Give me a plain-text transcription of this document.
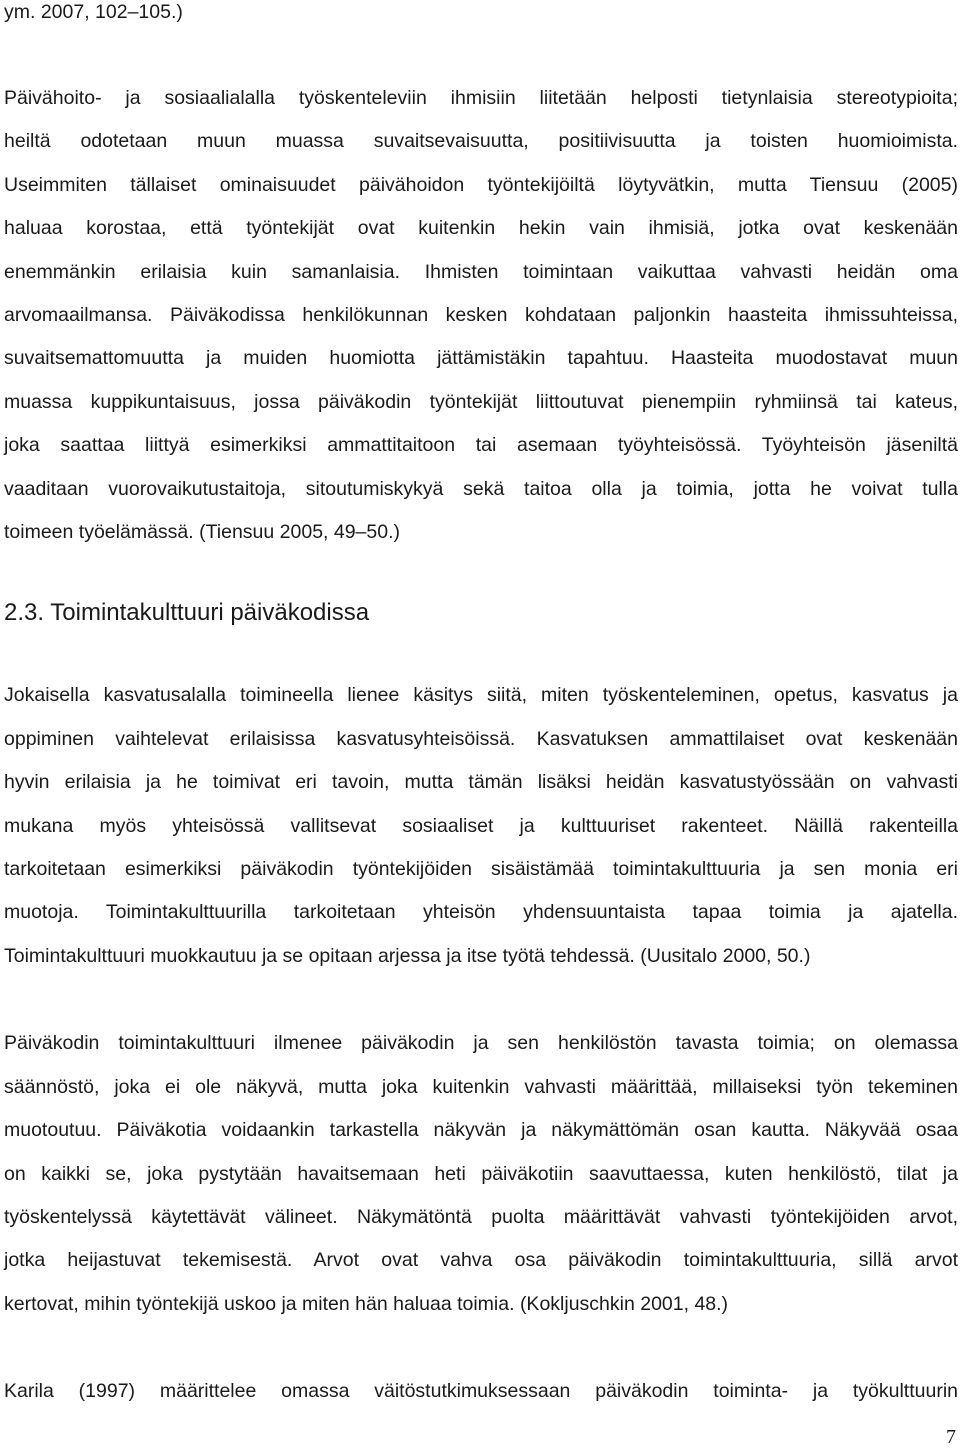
ym. 2007, 102–105.)
Päivähoito- ja sosiaalialalla työskenteleviin ihmisiin liitetään helposti tietynlaisia stereotypioita;
heiltä odotetaan muun muassa suvaitsevaisuutta, positiivisuutta ja toisten huomioimista.
Useimmiten tällaiset ominaisuudet päivähoidon työntekijöiltä löytyvätkin, mutta Tiensuu (2005)
haluaa korostaa, että työntekijät ovat kuitenkin hekin vain ihmisiä, jotka ovat keskenään
enemmänkin erilaisia kuin samanlaisia. Ihmisten toimintaan vaikuttaa vahvasti heidän oma
arvomaailmansa. Päiväkodissa henkilökunnan kesken kohdataan paljonkin haasteita ihmissuhteissa,
suvaitsemattomuutta ja muiden huomiotta jättämistäkin tapahtuu. Haasteita muodostavat muun
muassa kuppikuntaisuus, jossa päiväkodin työntekijät liittoutuvat pienempiin ryhmiinsä tai kateus,
joka saattaa liittyä esimerkiksi ammattitaitoon tai asemaan työyhteisössä. Työyhteisön jäseniltä
vaaditaan vuorovaikutustaitoja, sitoutumiskykyä sekä taitoa olla ja toimia, jotta he voivat tulla
toimeen työelämässä. (Tiensuu 2005, 49–50.)
2.3. Toimintakulttuuri päiväkodissa
Jokaisella kasvatusalalla toimineella lienee käsitys siitä, miten työskenteleminen, opetus, kasvatus ja
oppiminen vaihtelevat erilaisissa kasvatusyhteisöissä. Kasvatuksen ammattilaiset ovat keskenään
hyvin erilaisia ja he toimivat eri tavoin, mutta tämän lisäksi heidän kasvatustyössään on vahvasti
mukana myös yhteisössä vallitsevat sosiaaliset ja kulttuuriset rakenteet. Näillä rakenteilla
tarkoitetaan esimerkiksi päiväkodin työntekijöiden sisäistämää toimintakulttuuria ja sen monia eri
muotoja. Toimintakulttuurilla tarkoitetaan yhteisön yhdensuuntaista tapaa toimia ja ajatella.
Toimintakulttuuri muokkautuu ja se opitaan arjessa ja itse työtä tehdessä. (Uusitalo 2000, 50.)
Päiväkodin toimintakulttuuri ilmenee päiväkodin ja sen henkilöstön tavasta toimia; on olemassa
säännöstö, joka ei ole näkyvä, mutta joka kuitenkin vahvasti määrittää, millaiseksi työn tekeminen
muotoutuu. Päiväkotia voidaankin tarkastella näkyvän ja näkymättömän osan kautta. Näkyvää osaa
on kaikki se, joka pystytään havaitsemaan heti päiväkotiin saavuttaessa, kuten henkilöstö, tilat ja
työskentelyssä käytettävät välineet. Näkymätöntä puolta määrittävät vahvasti työntekijöiden arvot,
jotka heijastuvat tekemisestä. Arvot ovat vahva osa päiväkodin toimintakulttuuria, sillä arvot
kertovat, mihin työntekijä uskoo ja miten hän haluaa toimia. (Kokljuschkin 2001, 48.)
Karila (1997) määrittelee omassa väitöstutkimuksessaan päiväkodin toiminta- ja työkulttuurin
7
